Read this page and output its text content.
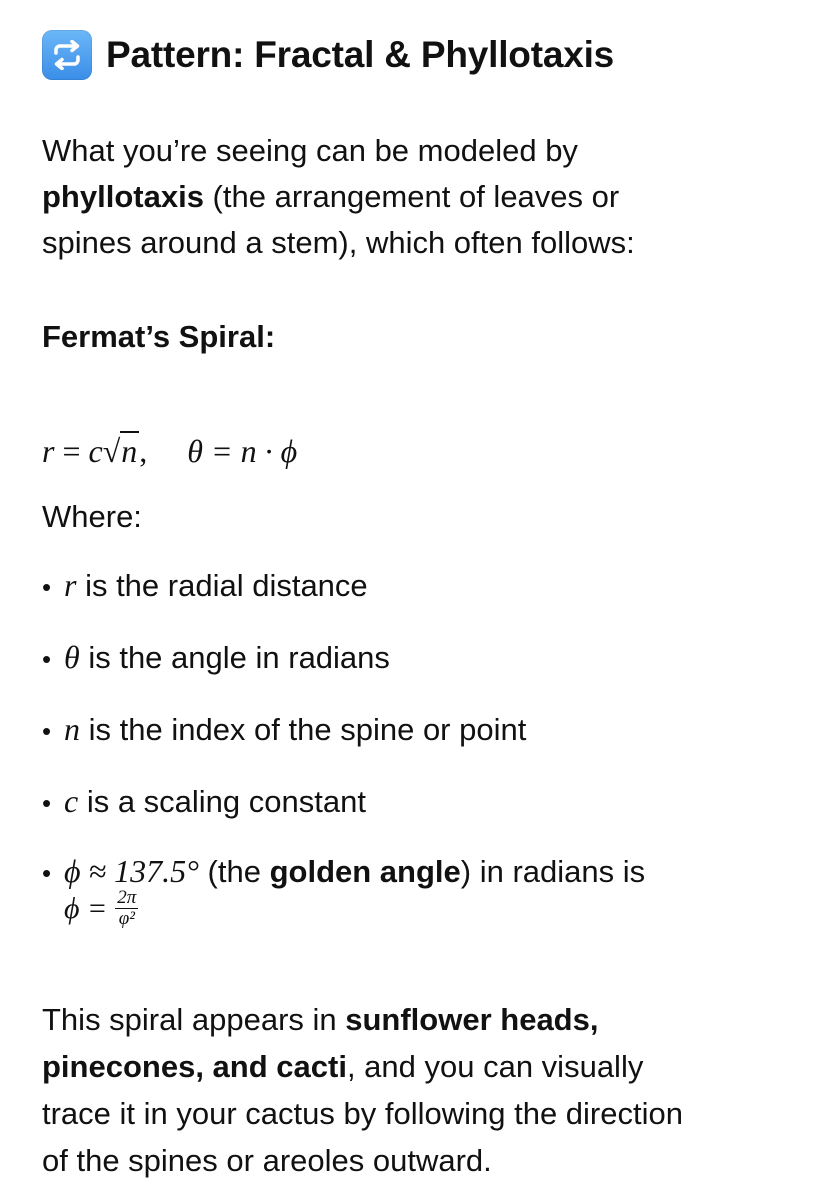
Pattern: Fractal & Phyllotaxis
What you’re seeing can be modeled by
phyllotaxis (the arrangement of leaves or
spines around a stem), which often follows:
Fermat’s Spiral:
r = c√n, θ = n · ϕ
Where:
• r is the radial distance
• θ is the angle in radians
• n is the index of the spine or point
• c is a scaling constant
• ϕ ≈ 137.5° (the golden angle) in radians is
$\phi = \frac{2\pi}{\text{φ²}}$
This spiral appears in sunflower heads,
pinecones, and cacti, and you can visually
trace it in your cactus by following the direction
of the spines or areoles outward.
